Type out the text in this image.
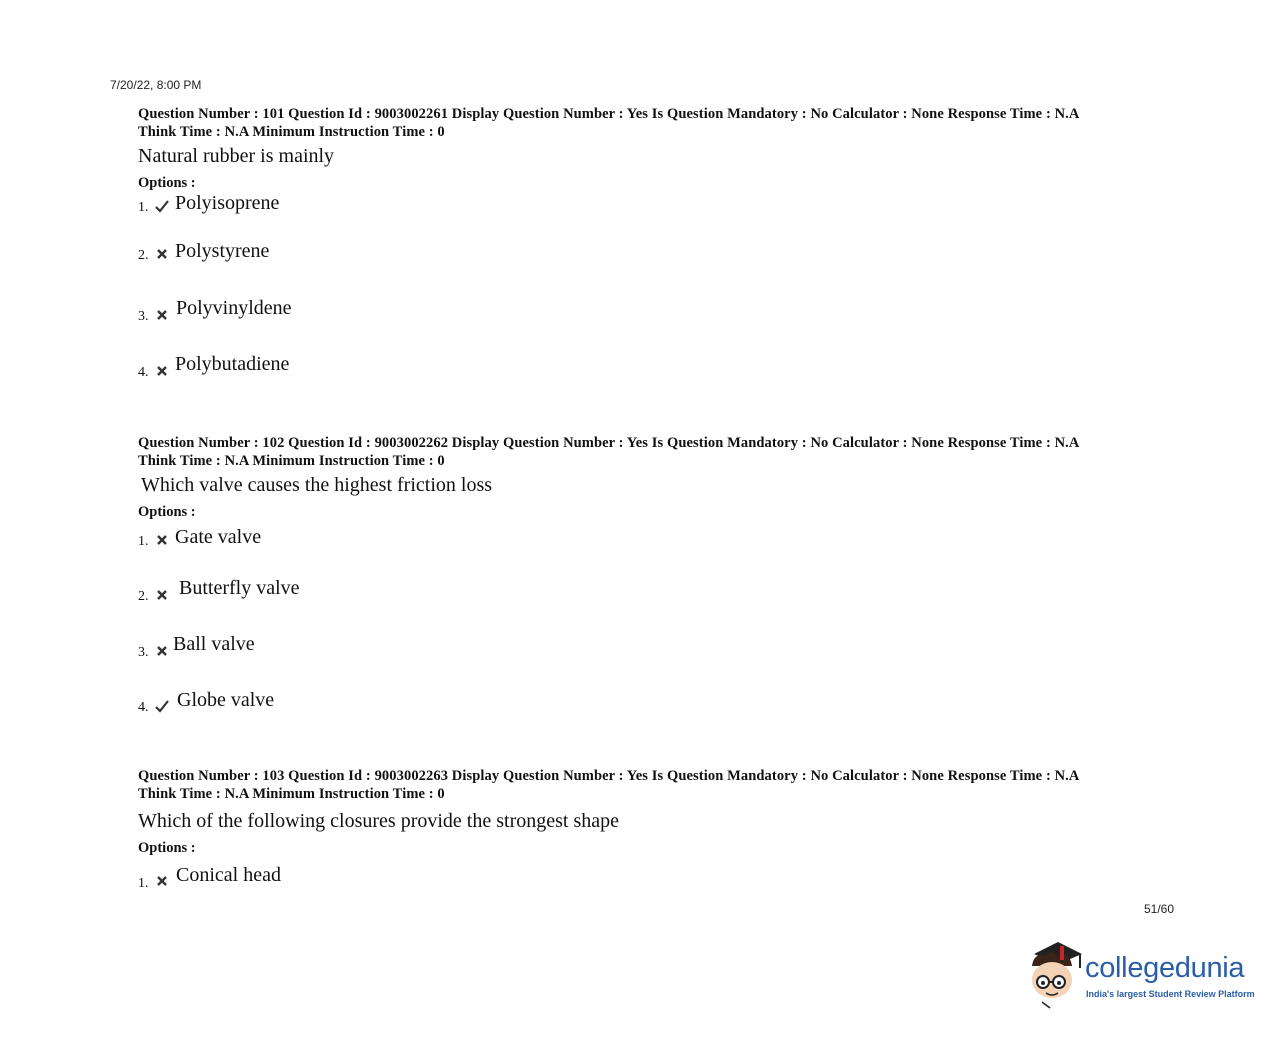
7/20/22, 8:00 PM
Question Number : 101 Question Id : 9003002261 Display Question Number : Yes Is Question Mandatory : No Calculator : None Response Time : N.A
Think Time : N.A Minimum Instruction Time : 0
Natural rubber is mainly
Options :
1. Polyisoprene
2. Polystyrene
3. Polyvinyldene
4. Polybutadiene
Question Number : 102 Question Id : 9003002262 Display Question Number : Yes Is Question Mandatory : No Calculator : None Response Time : N.A
Think Time : N.A Minimum Instruction Time : 0
Which valve causes the highest friction loss
Options :
1. Gate valve
2. Butterfly valve
3. Ball valve
4. Globe valve
Question Number : 103 Question Id : 9003002263 Display Question Number : Yes Is Question Mandatory : No Calculator : None Response Time : N.A
Think Time : N.A Minimum Instruction Time : 0
Which of the following closures provide the strongest shape
Options :
1. Conical head
51/60
collegedunia
India's largest Student Review Platform
